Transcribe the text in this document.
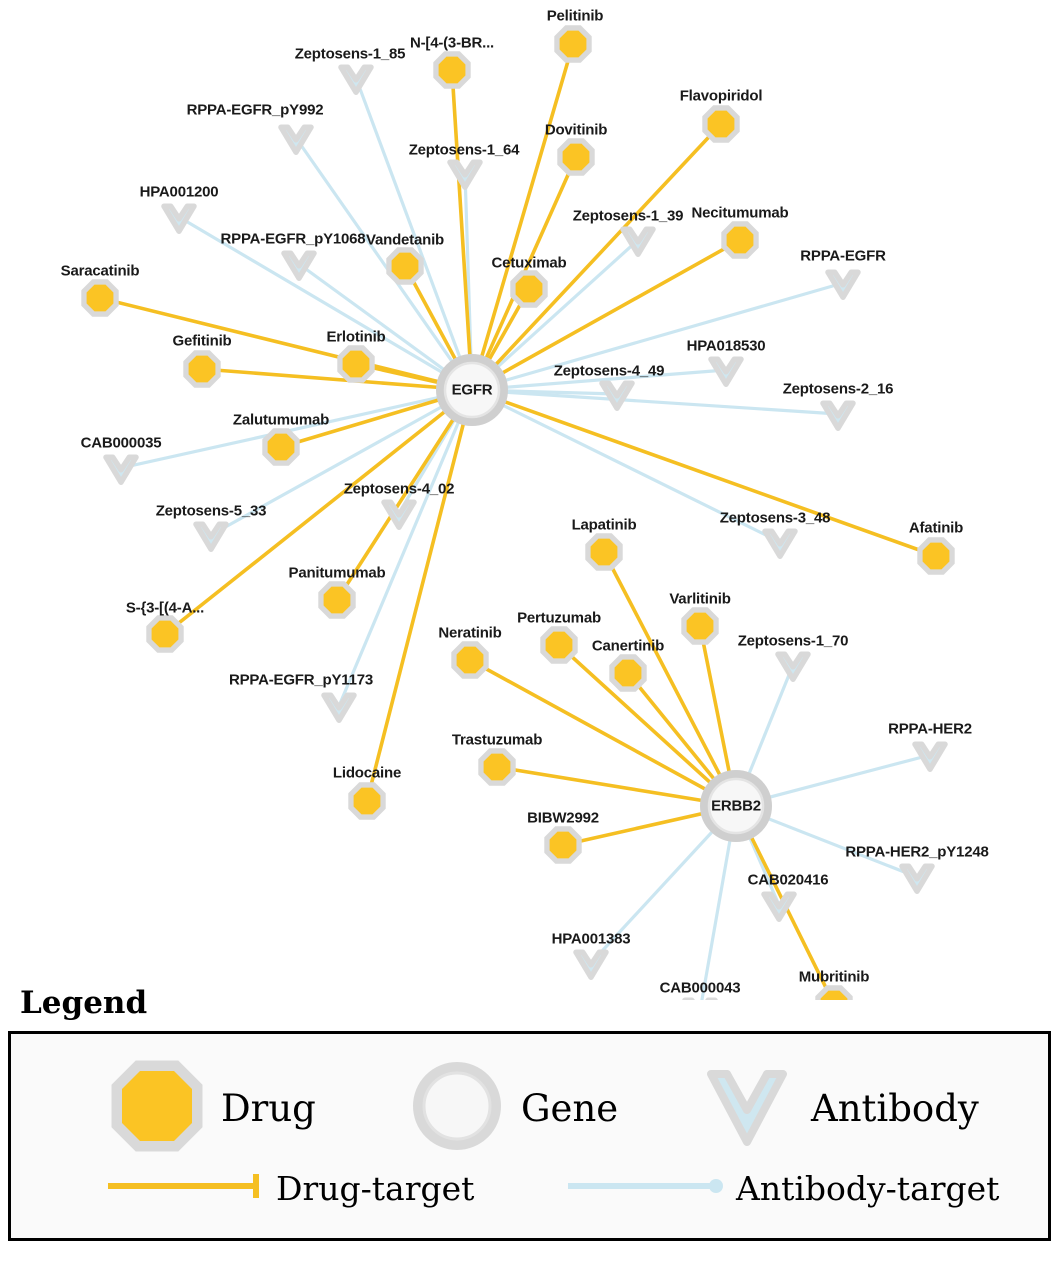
Pelitinib
N-[4-(3-BR...
Flavopiridol
Dovitinib
Necitumumab
Vandetanib
Cetuximab
Saracatinib
Gefitinib	Erlotinib
Zalutumumab
Afatinib
Lapatinib
Varlitinib
Panitumumab
S-{3-[(4-A...
Pertuzumab
Neratinib
Canertinib
Trastuzumab
Lidocaine
BIBW2992
Mubritinib
Zeptosens-1_85
RPPA-EGFR_pY992
Zeptosens-1_64
HPA001200
Zeptosens-1_39
RPPA-EGFR_pY1068
RPPA-EGFR
HPA018530
Zeptosens-4_49
Zeptosens-2_16
CAB000035
Zeptosens-4_02
Zeptosens-5_33	Zeptosens-3_48
Zeptosens-1_70
RPPA-EGFR_pY1173
RPPA-HER2
RPPA-HER2_pY1248
CAB020416
HPA001383
CAB000043
EGFR
ERBB2
Legend
Drug	Gene	Antibody
Drug-target	Antibody-target
